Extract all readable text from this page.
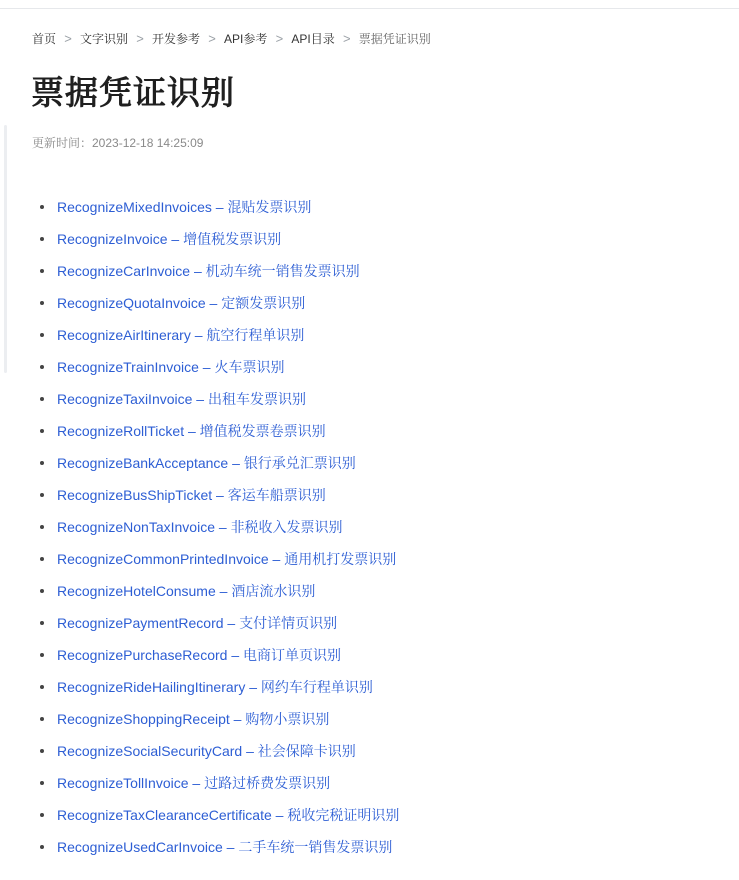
首页 > 文字识别 > 开发参考 > API参考 > API目录 > 票据凭证识别
票据凭证识别
更新时间：2023-12-18 14:25:09
RecognizeMixedInvoices – 混贴发票识别
RecognizeInvoice – 增值税发票识别
RecognizeCarInvoice – 机动车统一销售发票识别
RecognizeQuotaInvoice – 定额发票识别
RecognizeAirItinerary – 航空行程单识别
RecognizeTrainInvoice – 火车票识别
RecognizeTaxiInvoice – 出租车发票识别
RecognizeRollTicket – 增值税发票卷票识别
RecognizeBankAcceptance – 银行承兑汇票识别
RecognizeBusShipTicket – 客运车船票识别
RecognizeNonTaxInvoice – 非税收入发票识别
RecognizeCommonPrintedInvoice – 通用机打发票识别
RecognizeHotelConsume – 酒店流水识别
RecognizePaymentRecord – 支付详情页识别
RecognizePurchaseRecord – 电商订单页识别
RecognizeRideHailingItinerary – 网约车行程单识别
RecognizeShoppingReceipt – 购物小票识别
RecognizeSocialSecurityCard – 社会保障卡识别
RecognizeTollInvoice – 过路过桥费发票识别
RecognizeTaxClearanceCertificate – 税收完税证明识别
RecognizeUsedCarInvoice – 二手车统一销售发票识别
